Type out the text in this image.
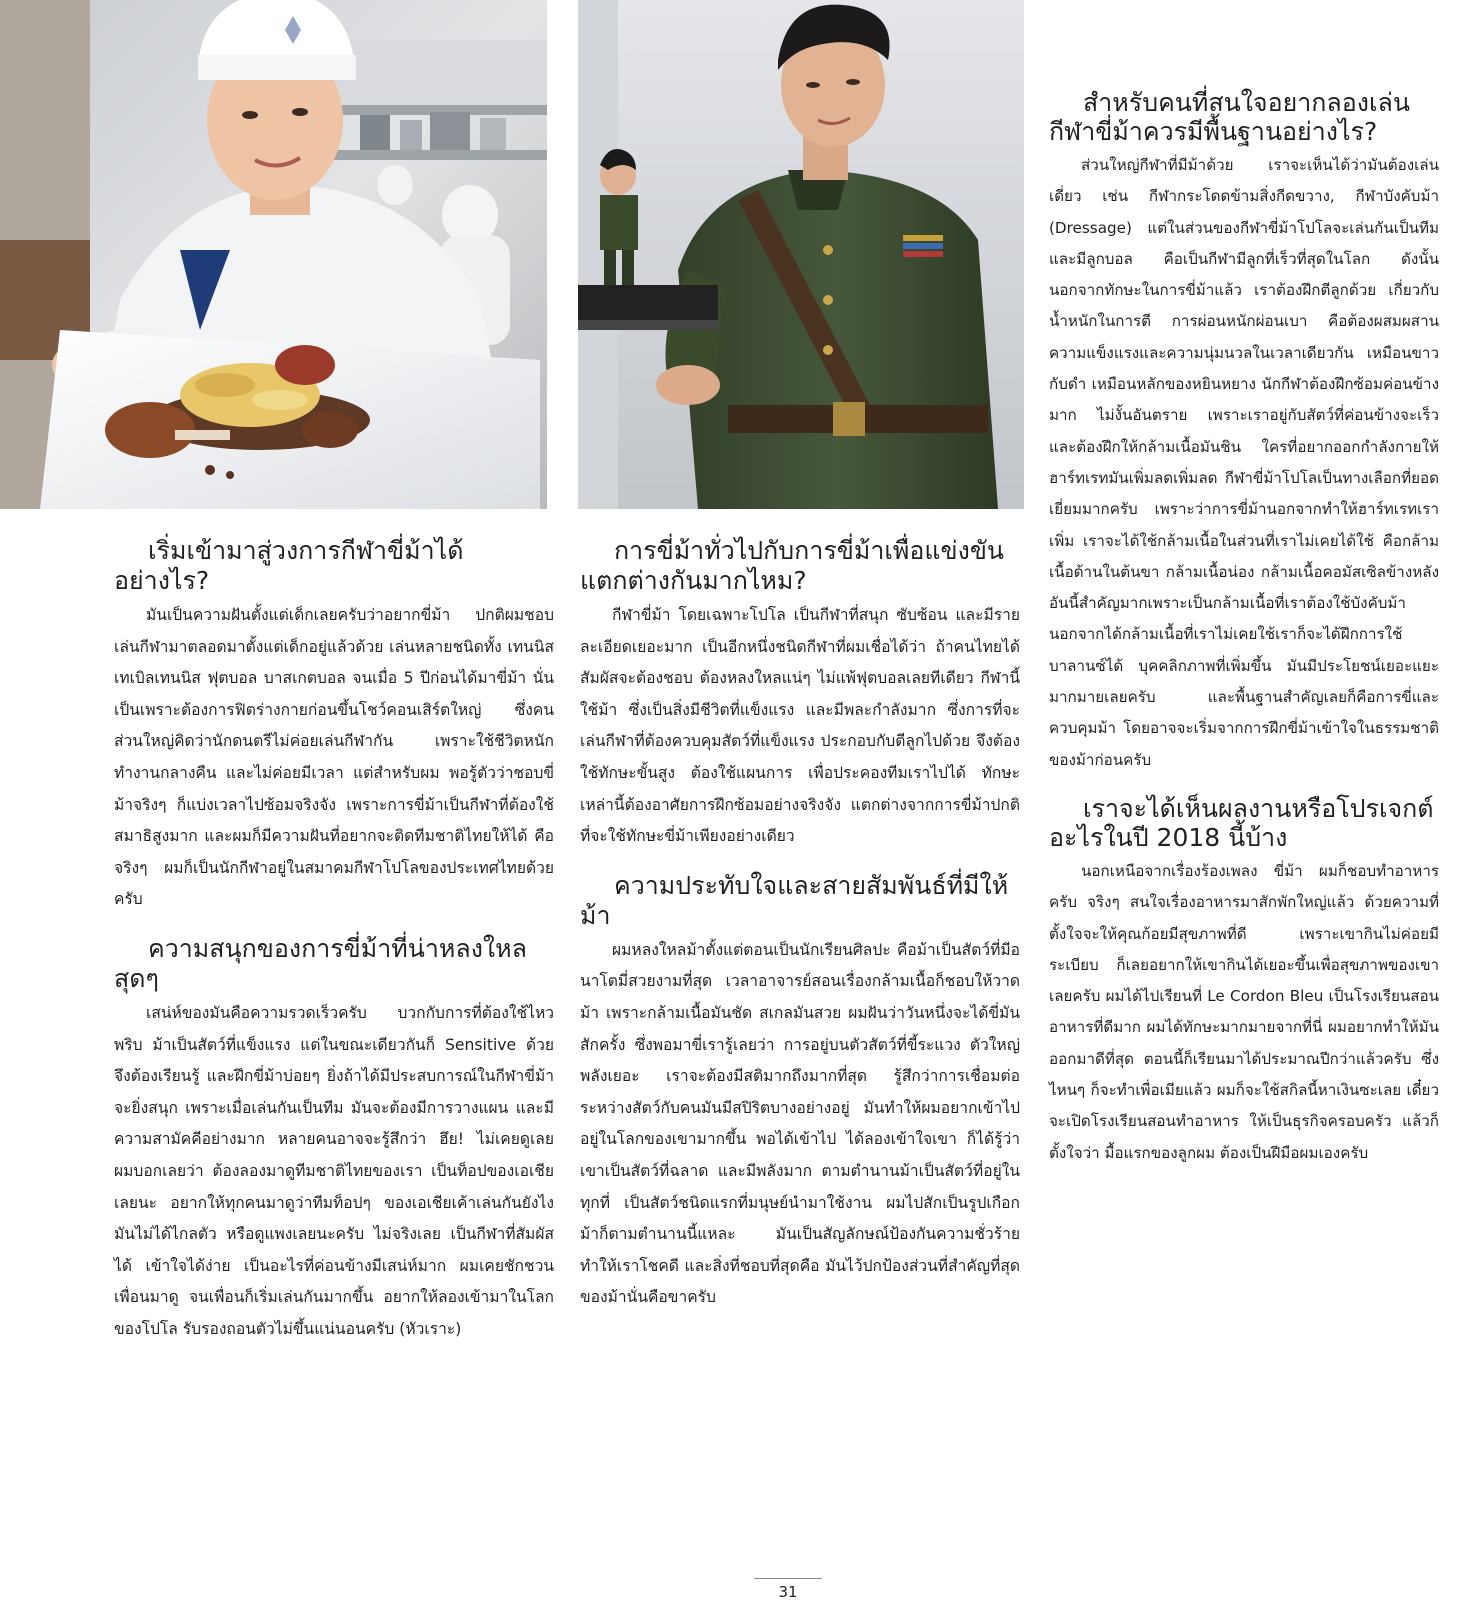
เริ่มเข้ามาสู่วงการกีฬาขี่ม้าได้อย่างไร?

มันเป็นความฝันตั้งแต่เด็กเลยครับว่าอยากขี่ม้า ปกติผมชอบเล่นกีฬามาตลอดมาตั้งแต่เด็กอยู่แล้วด้วย เล่นหลายชนิดทั้ง เทนนิส เทเบิลเทนนิส ฟุตบอล บาสเกตบอล จนเมื่อ 5 ปีก่อนได้มาขี่ม้า นั่นเป็นเพราะต้องการฟิตร่างกายก่อนขึ้นโชว์คอนเสิร์ตใหญ่ ซึ่งคนส่วนใหญ่คิดว่านักดนตรีไม่ค่อยเล่นกีฬากัน เพราะใช้ชีวิตหนัก ทำงานกลางคืน และไม่ค่อยมีเวลา แต่สำหรับผม พอรู้ตัวว่าชอบขี่ม้าจริงๆ ก็แบ่งเวลาไปซ้อมจริงจัง เพราะการขี่ม้าเป็นกีฬาที่ต้องใช้สมาธิสูงมาก และผมก็มีความฝันที่อยากจะติดทีมชาติไทยให้ได้ คือจริงๆ ผมก็เป็นนักกีฬาอยู่ในสมาคมกีฬาโปโลของประเทศไทยด้วยครับ

ความสนุกของการขี่ม้าที่น่าหลงใหลสุดๆ

เสน่ห์ของมันคือความรวดเร็วครับ บวกกับการที่ต้องใช้ไหวพริบ ม้าเป็นสัตว์ที่แข็งแรง แต่ในขณะเดียวกันก็ Sensitive ด้วย จึงต้องเรียนรู้ และฝึกขี่ม้าบ่อยๆ ยิ่งถ้าได้มีประสบการณ์ในกีฬาขี่ม้า จะยิ่งสนุก เพราะเมื่อเล่นกันเป็นทีม มันจะต้องมีการวางแผน และมีความสามัคคีอย่างมาก หลายคนอาจจะรู้สึกว่า ฮึย! ไม่เคยดูเลย ผมบอกเลยว่า ต้องลองมาดูทีมชาติไทยของเรา เป็นท็อปของเอเชียเลยนะ อยากให้ทุกคนมาดูว่าทีมท็อปๆ ของเอเชียเค้าเล่นกันยังไง มันไม่ได้ไกลตัว หรือดูแพงเลยนะครับ ไม่จริงเลย เป็นกีฬาที่สัมผัสได้ เข้าใจได้ง่าย เป็นอะไรที่ค่อนข้างมีเสน่ห์มาก ผมเคยชักชวนเพื่อนมาดู จนเพื่อนก็เริ่มเล่นกันมากขึ้น อยากให้ลองเข้ามาในโลกของโปโล รับรองถอนตัวไม่ขึ้นแน่นอนครับ (หัวเราะ)

การขี่ม้าทั่วไปกับการขี่ม้าเพื่อแข่งขันแตกต่างกันมากไหม?

กีฬาขี่ม้า โดยเฉพาะโปโล เป็นกีฬาที่สนุก ซับซ้อน และมีรายละเอียดเยอะมาก เป็นอีกหนึ่งชนิดกีฬาที่ผมเชื่อได้ว่า ถ้าคนไทยได้สัมผัสจะต้องชอบ ต้องหลงใหลแน่ๆ ไม่แพ้ฟุตบอลเลยทีเดียว กีฬานี้ใช้ม้า ซึ่งเป็นสิ่งมีชีวิตที่แข็งแรง และมีพละกำลังมาก ซึ่งการที่จะเล่นกีฬาที่ต้องควบคุมสัตว์ที่แข็งแรง ประกอบกับตีลูกไปด้วย จึงต้องใช้ทักษะขั้นสูง ต้องใช้แผนการ เพื่อประคองทีมเราไปได้ ทักษะเหล่านี้ต้องอาศัยการฝึกซ้อมอย่างจริงจัง แตกต่างจากการขี่ม้าปกติที่จะใช้ทักษะขี่ม้าเพียงอย่างเดียว

ความประทับใจและสายสัมพันธ์ที่มีให้ม้า

ผมหลงใหลม้าตั้งแต่ตอนเป็นนักเรียนศิลปะ คือม้าเป็นสัตว์ที่มีอนาโตมี่สวยงามที่สุด เวลาอาจารย์สอนเรื่องกล้ามเนื้อก็ชอบให้วาดม้า เพราะกล้ามเนื้อมันชัด สเกลมันสวย ผมฝันว่าวันหนึ่งจะได้ขี่มันสักครั้ง ซึ่งพอมาขี่เรารู้เลยว่า การอยู่บนตัวสัตว์ที่ขี้ระแวง ตัวใหญ่ พลังเยอะ เราจะต้องมีสติมากถึงมากที่สุด รู้สึกว่าการเชื่อมต่อระหว่างสัตว์กับคนมันมีสปิริตบางอย่างอยู่ มันทำให้ผมอยากเข้าไปอยู่ในโลกของเขามากขึ้น พอได้เข้าไป ได้ลองเข้าใจเขา ก็ได้รู้ว่าเขาเป็นสัตว์ที่ฉลาด และมีพลังมาก ตามตำนานม้าเป็นสัตว์ที่อยู่ในทุกที่ เป็นสัตว์ชนิดแรกที่มนุษย์นำมาใช้งาน ผมไปสักเป็นรูปเกือกม้าก็ตามตำนานนี้แหละ มันเป็นสัญลักษณ์ป้องกันความชั่วร้าย ทำให้เราโชคดี และสิ่งที่ชอบที่สุดคือ มันไว้ปกป้องส่วนที่สำคัญที่สุดของม้านั่นคือขาครับ

สำหรับคนที่สนใจอยากลองเล่นกีฬาขี่ม้าควรมีพื้นฐานอย่างไร?

ส่วนใหญ่กีฬาที่มีม้าด้วย เราจะเห็นได้ว่ามันต้องเล่นเดี่ยว เช่น กีฬากระโดดข้ามสิ่งกีดขวาง, กีฬาบังคับม้า (Dressage) แต่ในส่วนของกีฬาขี่ม้าโปโลจะเล่นกันเป็นทีมและมีลูกบอล คือเป็นกีฬามีลูกที่เร็วที่สุดในโลก ดังนั้นนอกจากทักษะในการขี่ม้าแล้ว เราต้องฝึกตีลูกด้วย เกี่ยวกับน้ำหนักในการตี การผ่อนหนักผ่อนเบา คือต้องผสมผสานความแข็งแรงและความนุ่มนวลในเวลาเดียวกัน เหมือนขาวกับดำ เหมือนหลักของหยินหยาง นักกีฬาต้องฝึกซ้อมค่อนข้างมาก ไม่งั้นอันตราย เพราะเราอยู่กับสัตว์ที่ค่อนข้างจะเร็ว และต้องฝึกให้กล้ามเนื้อมันชิน ใครที่อยากออกกำลังกายให้ฮาร์ทเรทมันเพิ่มลดเพิ่มลด กีฬาขี่ม้าโปโลเป็นทางเลือกที่ยอดเยี่ยมมากครับ เพราะว่าการขี่ม้านอกจากทำให้ฮาร์ทเรทเราเพิ่ม เราจะได้ใช้กล้ามเนื้อในส่วนที่เราไม่เคยได้ใช้ คือกล้ามเนื้อด้านในต้นขา กล้ามเนื้อน่อง กล้ามเนื้อคอมัสเซิลข้างหลัง อันนี้สำคัญมากเพราะเป็นกล้ามเนื้อที่เราต้องใช้บังคับม้า นอกจากได้กล้ามเนื้อที่เราไม่เคยใช้เราก็จะได้ฝึกการใช้บาลานซ์ได้ บุคคลิกภาพที่เพิ่มขึ้น มันมีประโยชน์เยอะแยะมากมายเลยครับ และพื้นฐานสำคัญเลยก็คือการขี่และควบคุมม้า โดยอาจจะเริ่มจากการฝึกขี่ม้าเข้าใจในธรรมชาติของม้าก่อนครับ

เราจะได้เห็นผลงานหรือโปรเจกต์อะไรในปี 2018 นี้บ้าง

นอกเหนือจากเรื่องร้องเพลง ขี่ม้า ผมก็ชอบทำอาหารครับ จริงๆ สนใจเรื่องอาหารมาสักพักใหญ่แล้ว ด้วยความที่ตั้งใจจะให้คุณก้อยมีสุขภาพที่ดี เพราะเขากินไม่ค่อยมีระเบียบ ก็เลยอยากให้เขากินได้เยอะขึ้นเพื่อสุขภาพของเขาเลยครับ ผมได้ไปเรียนที่ Le Cordon Bleu เป็นโรงเรียนสอนอาหารที่ดีมาก ผมได้ทักษะมากมายจากที่นี่ ผมอยากทำให้มันออกมาดีที่สุด ตอนนี้ก็เรียนมาได้ประมาณปีกว่าแล้วครับ ซึ่งไหนๆ ก็จะทำเพื่อเมียแล้ว ผมก็จะใช้สกิลนี้หาเงินซะเลย เดี๋ยวจะเปิดโรงเรียนสอนทำอาหาร ให้เป็นธุรกิจครอบครัว แล้วก็ตั้งใจว่า มื้อแรกของลูกผม ต้องเป็นฝีมือผมเองครับ

31
